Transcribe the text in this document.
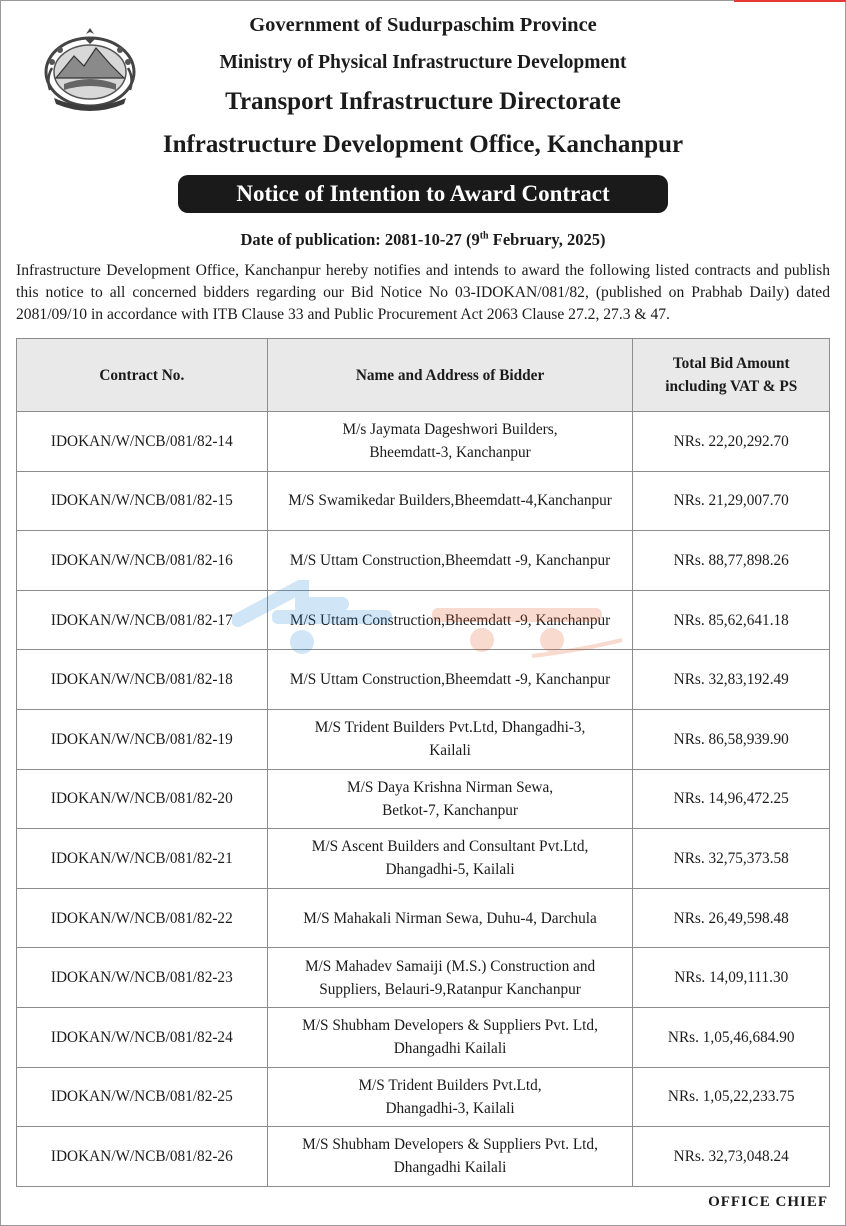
Government of Sudurpaschim Province
Ministry of Physical Infrastructure Development
Transport Infrastructure Directorate
Infrastructure Development Office, Kanchanpur
Notice of Intention to Award Contract
Date of publication: 2081-10-27 (9th February, 2025)
Infrastructure Development Office, Kanchanpur hereby notifies and intends to award the following listed contracts and publish this notice to all concerned bidders regarding our Bid Notice No 03-IDOKAN/081/82, (published on Prabhab Daily) dated 2081/09/10 in accordance with ITB Clause 33 and Public Procurement Act 2063 Clause 27.2, 27.3 & 47.
Contract No.	Name and Address of Bidder	Total Bid Amount
including VAT & PS
IDOKAN/W/NCB/081/82-14	M/s Jaymata Dageshwori Builders,
Bheemdatt-3, Kanchanpur	NRs. 22,20,292.70
IDOKAN/W/NCB/081/82-15	M/S Swamikedar Builders,Bheemdatt-4,Kanchanpur	NRs. 21,29,007.70
IDOKAN/W/NCB/081/82-16	M/S Uttam Construction,Bheemdatt -9, Kanchanpur	NRs. 88,77,898.26
IDOKAN/W/NCB/081/82-17	M/S Uttam Construction,Bheemdatt -9, Kanchanpur	NRs. 85,62,641.18
IDOKAN/W/NCB/081/82-18	M/S Uttam Construction,Bheemdatt -9, Kanchanpur	NRs. 32,83,192.49
IDOKAN/W/NCB/081/82-19	M/S Trident Builders Pvt.Ltd, Dhangadhi-3,
Kailali	NRs. 86,58,939.90
IDOKAN/W/NCB/081/82-20	M/S Daya Krishna Nirman Sewa,
Betkot-7, Kanchanpur	NRs. 14,96,472.25
IDOKAN/W/NCB/081/82-21	M/S Ascent Builders and Consultant Pvt.Ltd,
Dhangadhi-5, Kailali	NRs. 32,75,373.58
IDOKAN/W/NCB/081/82-22	M/S Mahakali Nirman Sewa, Duhu-4, Darchula	NRs. 26,49,598.48
IDOKAN/W/NCB/081/82-23	M/S Mahadev Samaiji (M.S.) Construction and
Suppliers, Belauri-9,Ratanpur Kanchanpur	NRs. 14,09,111.30
IDOKAN/W/NCB/081/82-24	M/S Shubham Developers & Suppliers Pvt. Ltd,
Dhangadhi Kailali	NRs. 1,05,46,684.90
IDOKAN/W/NCB/081/82-25	M/S Trident Builders Pvt.Ltd,
Dhangadhi-3, Kailali	NRs. 1,05,22,233.75
IDOKAN/W/NCB/081/82-26	M/S Shubham Developers & Suppliers Pvt. Ltd,
Dhangadhi Kailali	NRs. 32,73,048.24
OFFICE CHIEF
